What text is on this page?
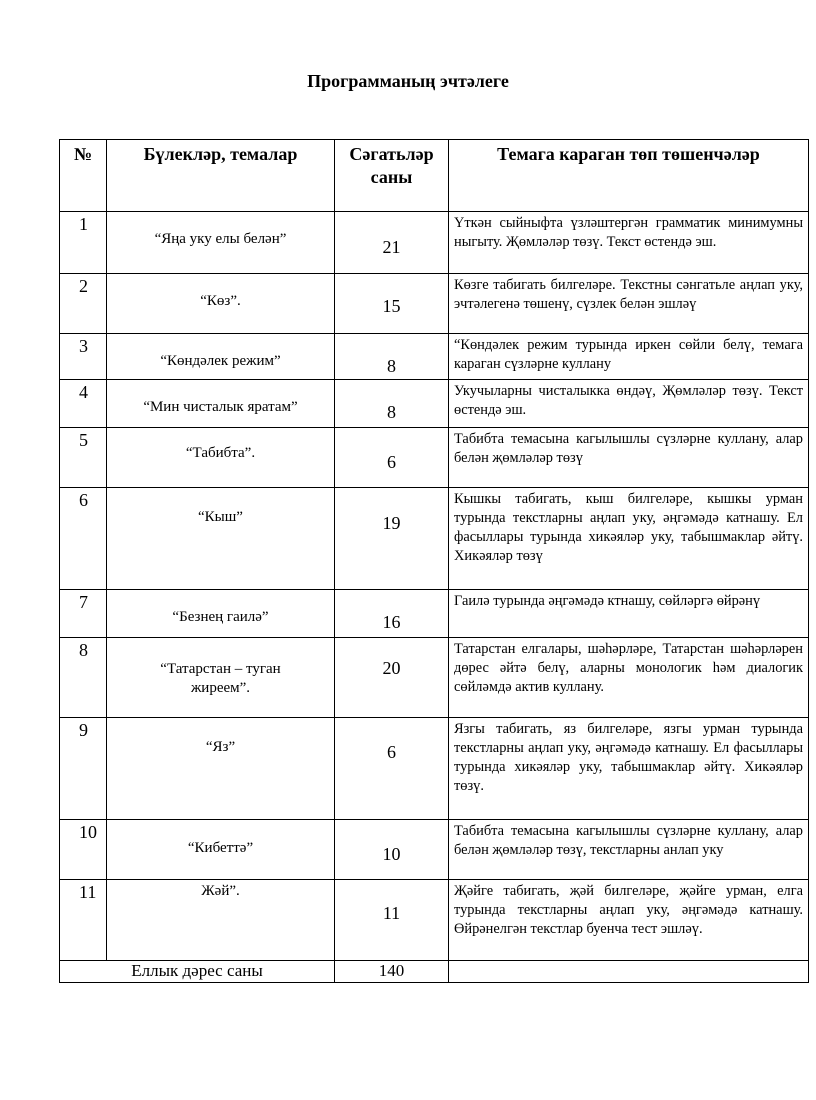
Программаның эчтәлеге
№	Бүлекләр, темалар	Сәгатьләр саны	Темага караган төп төшенчәләр
1	“Яңа уку елы белән”	21	Үткән сыйныфта үзләштергән грамматик минимумны ныгыту. Җөмләләр төзү. Текст өстендә эш.
2	“Көз”.	15	Көзге табигать билгеләре. Текстны сәнгатьле аңлап уку, эчтәлегенә төшенү, сүзлек белән эшләү
3	“Көндәлек режим”	8	“Көндәлек режим турында иркен сөйли белү, темага караган сүзләрне куллану
4	“Мин чисталык яратам”	8	Укучыларны чисталыкка өндәү, Җөмләләр төзү. Текст өстендә эш.
5	“Табибта”.	6	Табибта темасына кагылышлы сүзләрне куллану, алар белән җөмләләр төзү
6	“Кыш”	19	Кышкы табигать, кыш билгеләре, кышкы урман турында текстларны аңлап уку, әңгәмәдә катнашу. Ел фасыллары турында хикәяләр уку, табышмаклар әйтү. Хикәяләр төзү
7	“Безнең гаилә”	16	Гаилә турында әңгәмәдә ктнашу, сөйләргә өйрәнү
8	“Татарстан – туган жиреем”.	20	Татарстан елгалары, шәһәрләре, Татарстан шәһәрләрен дөрес әйтә белү, аларны монологик һәм диалогик сөйләмдә актив куллану.
9	“Яз”	6	Язгы табигать, яз билгеләре, язгы урман турында текстларны аңлап уку, әңгәмәдә катнашу. Ел фасыллары турында хикәяләр уку, табышмаклар әйтү. Хикәяләр төзү.
10	“Кибеттә”	10	Табибта темасына кагылышлы сүзләрне куллану, алар белән җөмләләр төзү, текстларны анлап уку
11	Жәй”.	11	Җәйге табигать, җәй билгеләре, җәйге урман, елга турында текстларны аңлап уку, әңгәмәдә катнашу. Өйрәнелгән текстлар буенча тест эшләү.
Еллык дәрес саны		140	
